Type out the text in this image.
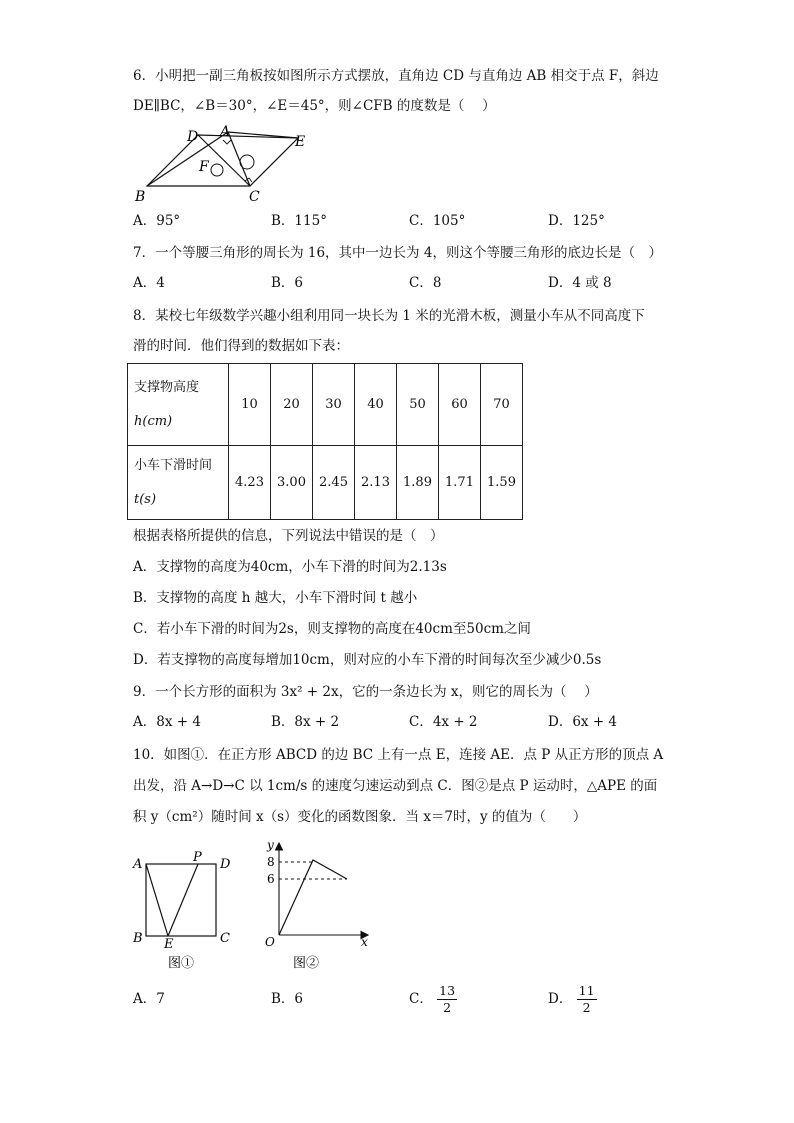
6．小明把一副三角板按如图所示方式摆放，直角边 CD 与直角边 AB 相交于点 F，斜边
DE∥BC，∠B＝30°，∠E＝45°，则∠CFB 的度数是（　 ）
D A
E
F
B	C
A．95°	B．115°	C．105°	D．125°
7．一个等腰三角形的周长为 16，其中一边长为 4，则这个等腰三角形的底边长是（　）
A．4	B．6	C．8	D．4 或 8
8．某校七年级数学兴趣小组利用同一块长为 1 米的光滑木板，测量小车从不同高度下
滑的时间．他们得到的数据如下表：
支撑物高度
h(cm)	10	20	30	40	50	60	70

小车下滑时间
t(s)	4.23	3.00	2.45	2.13	1.89	1.71	1.59
根据表格所提供的信息，下列说法中错误的是（　）
A．支撑物的高度为40cm，小车下滑的时间为2.13s
B．支撑物的高度 h 越大，小车下滑时间 t 越小
C．若小车下滑的时间为2s，则支撑物的高度在40cm至50cm之间
D．若支撑物的高度每增加10cm，则对应的小车下滑的时间每次至少减少0.5s
9．一个长方形的面积为 3x² + 2x，它的一条边长为 x，则它的周长为（　 ）
A．8x + 4	B．8x + 2	C．4x + 2	D．6x + 4
10．如图①．在正方形 ABCD 的边 BC 上有一点 E，连接 AE．点 P 从正方形的顶点 A
出发，沿 A→D→C 以 1cm/s 的速度匀速运动到点 C．图②是点 P 运动时，△APE 的面
积 y（cm²）随时间 x（s）变化的函数图象．当 x＝7时，y 的值为（　　）
A	P D
B E	C
图①
y
8
6
O	x
图②
A．7	B．6	C． $\frac{13}{2}$	D． $\frac{11}{2}$
